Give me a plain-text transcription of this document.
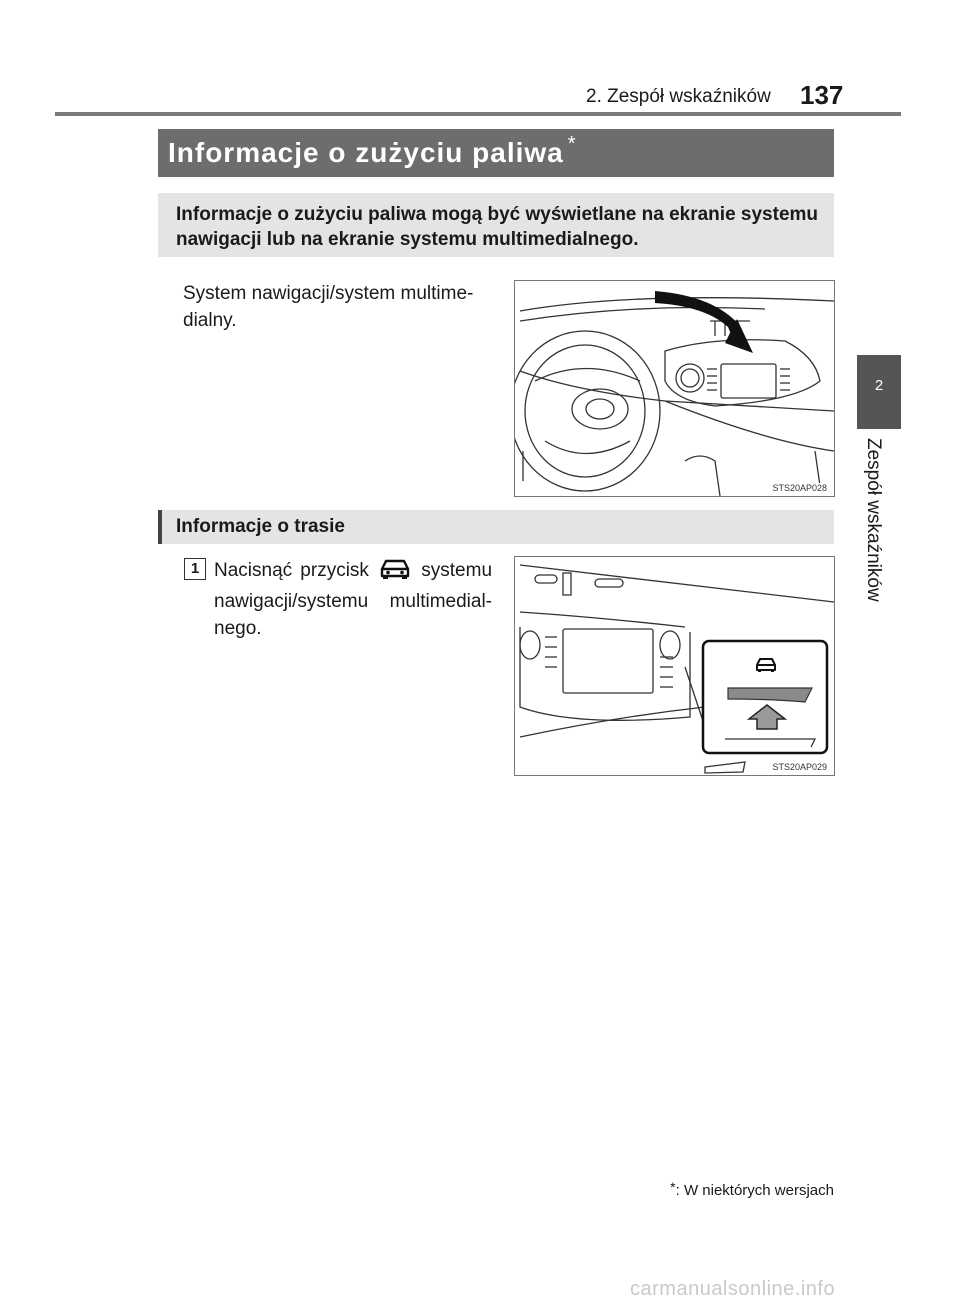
2. Zespół wskaźników 137
2
Zespół wskaźników
Informacje o zużyciu paliwa *
Informacje o zużyciu paliwa mogą być wyświetlane na ekranie systemu nawigacji lub na ekranie systemu multimedialnego.
System nawigacji/system multime-dialny.
STS20AP028
Informacje o trasie
1 Nacisnąć przycisk	systemu nawigacji/systemu multimedial-nego.
STS20AP029
*: W niektórych wersjach
carmanualsonline.info
